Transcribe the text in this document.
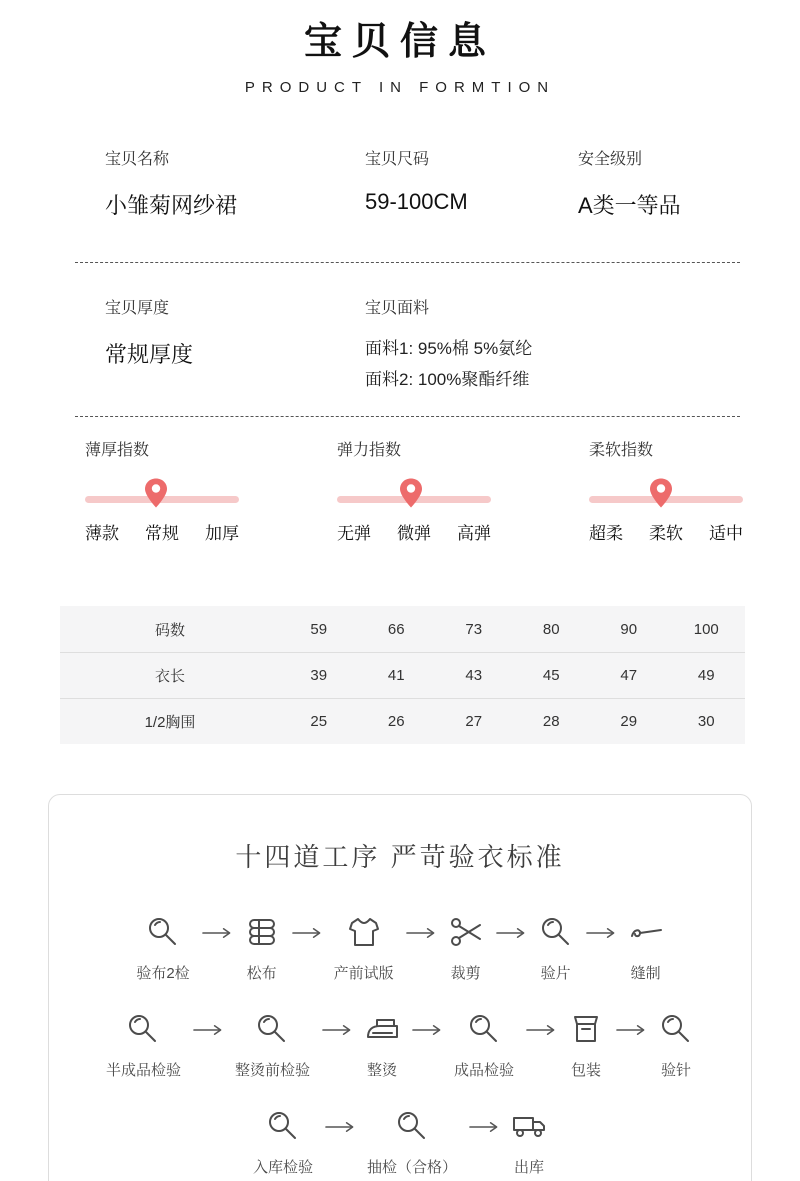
宝贝信息
PRODUCT IN FORMTION
宝贝名称
小雏菊网纱裙
宝贝尺码
59-100CM
安全级别
A类一等品
宝贝厚度
常规厚度
宝贝面料
面料1: 95%棉 5%氨纶
面料2: 100%聚酯纤维
薄厚指数
薄款 常规 加厚
弹力指数
无弹 微弹 高弹
柔软指数
超柔 柔软 适中
码数	59	66	73	80	90	100
衣长	39	41	43	45	47	49
1/2胸围	25	26	27	28	29	30
十四道工序 严苛验衣标准
验布2检	松布	产前试版	裁剪	验片	缝制
半成品检验	整烫前检验	整烫	成品检验	包装	验针
入库检验	抽检（合格）	出库
